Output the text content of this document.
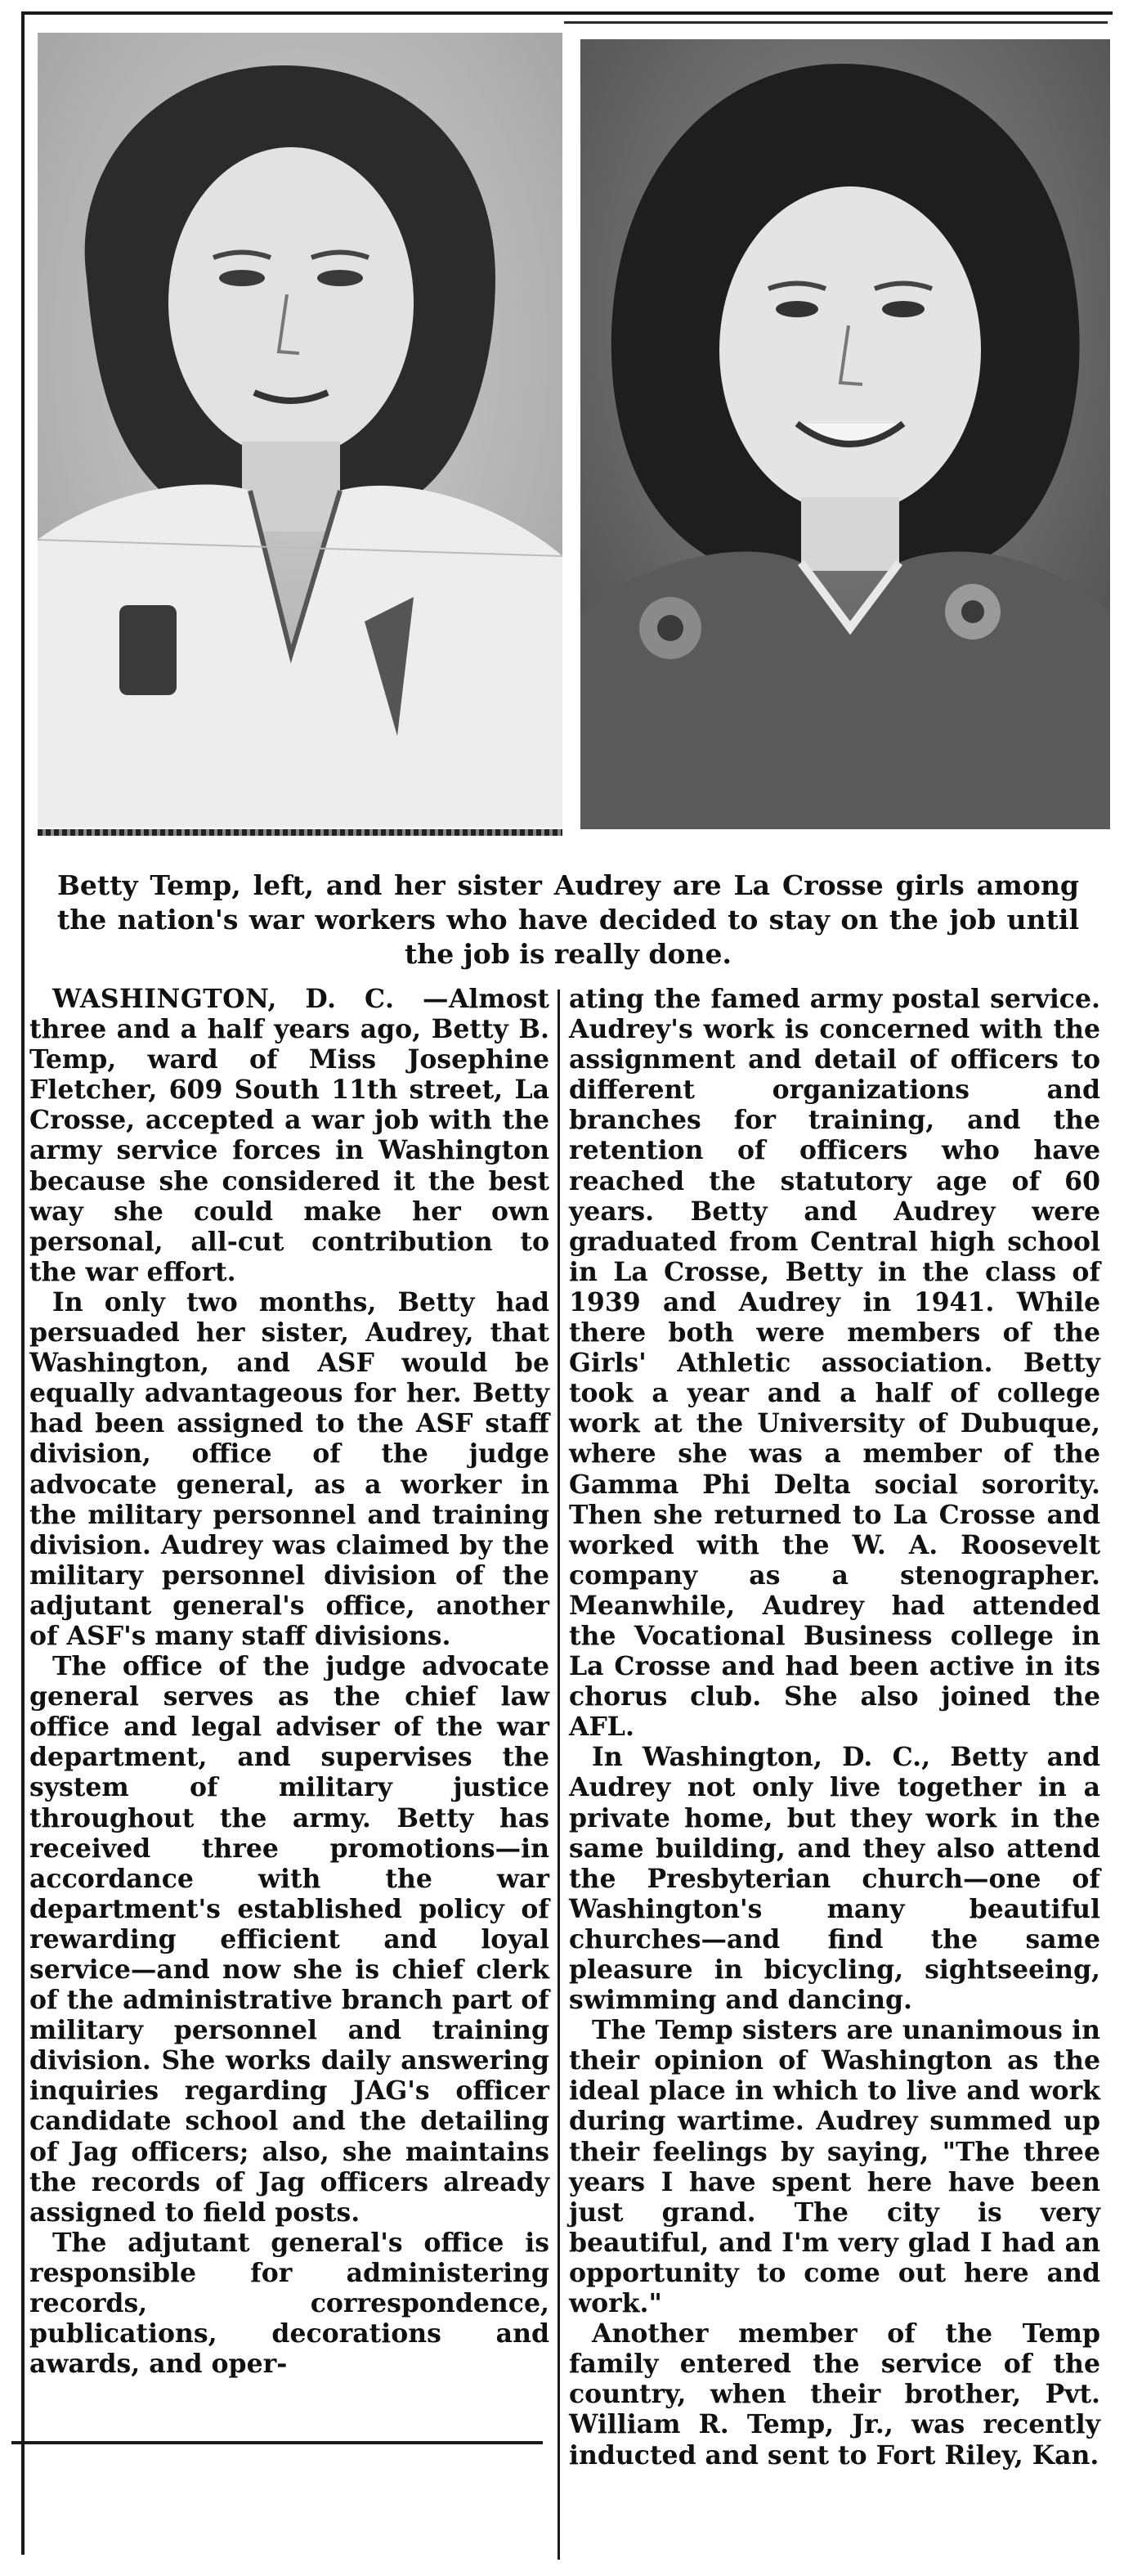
Betty Temp, left, and her sister Audrey are La Crosse girls among the nation's war workers who have decided to stay on the job until the job is really done.

WASHINGTON, D. C. —Almost three and a half years ago, Betty B. Temp, ward of Miss Josephine Fletcher, 609 South 11th street, La Crosse, accepted a war job with the army service forces in Washington because she considered it the best way she could make her own personal, all-cut contribution to the war effort.

In only two months, Betty had persuaded her sister, Audrey, that Washington, and ASF would be equally advantageous for her. Betty had been assigned to the ASF staff division, office of the judge advocate general, as a worker in the military personnel and training division. Audrey was claimed by the military personnel division of the adjutant general's office, another of ASF's many staff divisions.

The office of the judge advocate general serves as the chief law office and legal adviser of the war department, and supervises the system of military justice throughout the army. Betty has received three promotions—in accordance with the war department's established policy of rewarding efficient and loyal service—and now she is chief clerk of the administrative branch part of military personnel and training division. She works daily answering inquiries regarding JAG's officer candidate school and the detailing of Jag officers; also, she maintains the records of Jag officers already assigned to field posts.

The adjutant general's office is responsible for administering records, correspondence, publications, decorations and awards, and oper-

ating the famed army postal service. Audrey's work is concerned with the assignment and detail of officers to different organizations and branches for training, and the retention of officers who have reached the statutory age of 60 years. Betty and Audrey were graduated from Central high school in La Crosse, Betty in the class of 1939 and Audrey in 1941. While there both were members of the Girls' Athletic association. Betty took a year and a half of college work at the University of Dubuque, where she was a member of the Gamma Phi Delta social sorority. Then she returned to La Crosse and worked with the W. A. Roosevelt company as a stenographer. Meanwhile, Audrey had attended the Vocational Business college in La Crosse and had been active in its chorus club. She also joined the AFL.

In Washington, D. C., Betty and Audrey not only live together in a private home, but they work in the same building, and they also attend the Presbyterian church—one of Washington's many beautiful churches—and find the same pleasure in bicycling, sightseeing, swimming and dancing.

The Temp sisters are unanimous in their opinion of Washington as the ideal place in which to live and work during wartime. Audrey summed up their feelings by saying, "The three years I have spent here have been just grand. The city is very beautiful, and I'm very glad I had an opportunity to come out here and work."

Another member of the Temp family entered the service of the country, when their brother, Pvt. William R. Temp, Jr., was recently inducted and sent to Fort Riley, Kan.
